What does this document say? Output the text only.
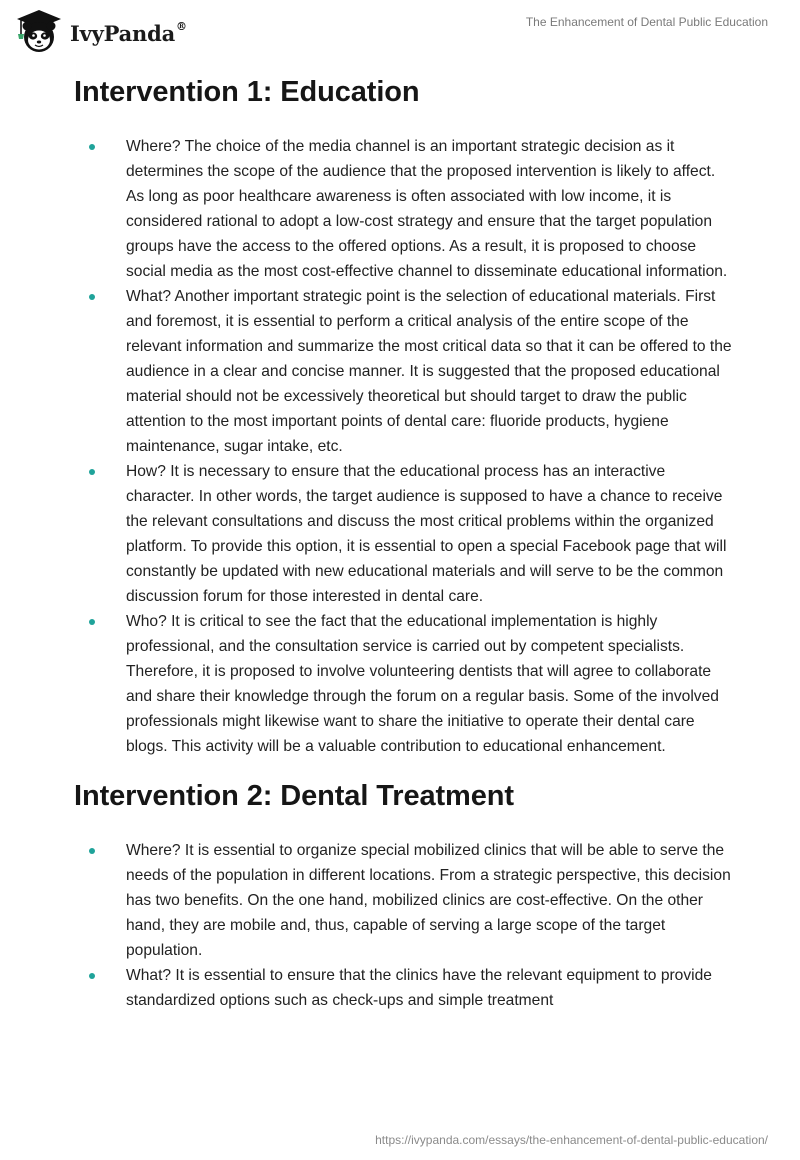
IvyPanda®	The Enhancement of Dental Public Education
Intervention 1: Education
Where? The choice of the media channel is an important strategic decision as it determines the scope of the audience that the proposed intervention is likely to affect. As long as poor healthcare awareness is often associated with low income, it is considered rational to adopt a low-cost strategy and ensure that the target population groups have the access to the offered options. As a result, it is proposed to choose social media as the most cost-effective channel to disseminate educational information.
What? Another important strategic point is the selection of educational materials. First and foremost, it is essential to perform a critical analysis of the entire scope of the relevant information and summarize the most critical data so that it can be offered to the audience in a clear and concise manner. It is suggested that the proposed educational material should not be excessively theoretical but should target to draw the public attention to the most important points of dental care: fluoride products, hygiene maintenance, sugar intake, etc.
How? It is necessary to ensure that the educational process has an interactive character. In other words, the target audience is supposed to have a chance to receive the relevant consultations and discuss the most critical problems within the organized platform. To provide this option, it is essential to open a special Facebook page that will constantly be updated with new educational materials and will serve to be the common discussion forum for those interested in dental care.
Who? It is critical to see the fact that the educational implementation is highly professional, and the consultation service is carried out by competent specialists. Therefore, it is proposed to involve volunteering dentists that will agree to collaborate and share their knowledge through the forum on a regular basis. Some of the involved professionals might likewise want to share the initiative to operate their dental care blogs. This activity will be a valuable contribution to educational enhancement.
Intervention 2: Dental Treatment
Where? It is essential to organize special mobilized clinics that will be able to serve the needs of the population in different locations. From a strategic perspective, this decision has two benefits. On the one hand, mobilized clinics are cost-effective. On the other hand, they are mobile and, thus, capable of serving a large scope of the target population.
What? It is essential to ensure that the clinics have the relevant equipment to provide standardized options such as check-ups and simple treatment
https://ivypanda.com/essays/the-enhancement-of-dental-public-education/
